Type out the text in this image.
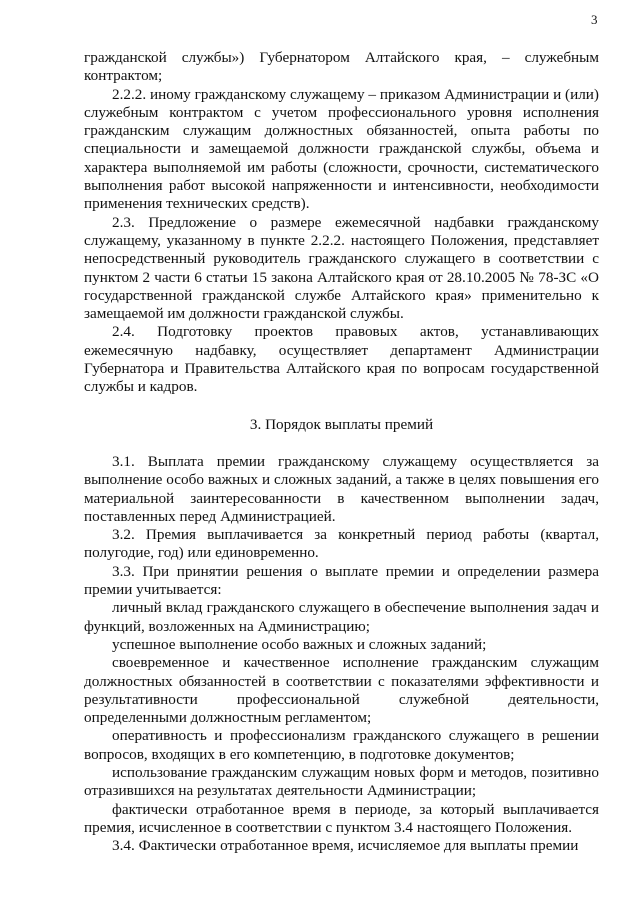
3

гражданской службы») Губернатором Алтайского края, – служебным контрактом;

2.2.2. иному гражданскому служащему – приказом Администрации и (или) служебным контрактом с учетом профессионального уровня исполнения гражданским служащим должностных обязанностей, опыта работы по специальности и замещаемой должности гражданской службы, объема и характера выполняемой им работы (сложности, срочности, систематического выполнения работ высокой напряженности и интенсивности, необходимости применения технических средств).

2.3. Предложение о размере ежемесячной надбавки гражданскому служащему, указанному в пункте 2.2.2. настоящего Положения, представляет непосредственный руководитель гражданского служащего в соответствии с пунктом 2 части 6 статьи 15 закона Алтайского края от 28.10.2005 № 78-ЗС «О государственной гражданской службе Алтайского края» применительно к замещаемой им должности гражданской службы.

2.4. Подготовку проектов правовых актов, устанавливающих ежемесячную надбавку, осуществляет департамент Администрации Губернатора и Правительства Алтайского края по вопросам государственной службы и кадров.

3. Порядок выплаты премий

3.1. Выплата премии гражданскому служащему осуществляется за выполнение особо важных и сложных заданий, а также в целях повышения его материальной заинтересованности в качественном выполнении задач, поставленных перед Администрацией.

3.2. Премия выплачивается за конкретный период работы (квартал, полугодие, год) или единовременно.

3.3. При принятии решения о выплате премии и определении размера премии учитывается:

личный вклад гражданского служащего в обеспечение выполнения задач и функций, возложенных на Администрацию;

успешное выполнение особо важных и сложных заданий;

своевременное и качественное исполнение гражданским служащим должностных обязанностей в соответствии с показателями эффективности и результативности профессиональной служебной деятельности, определенными должностным регламентом;

оперативность и профессионализм гражданского служащего в решении вопросов, входящих в его компетенцию, в подготовке документов;

использование гражданским служащим новых форм и методов, позитивно отразившихся на результатах деятельности Администрации;

фактически отработанное время в периоде, за который выплачивается премия, исчисленное в соответствии с пунктом 3.4 настоящего Положения.

3.4. Фактически отработанное время, исчисляемое для выплаты премии
